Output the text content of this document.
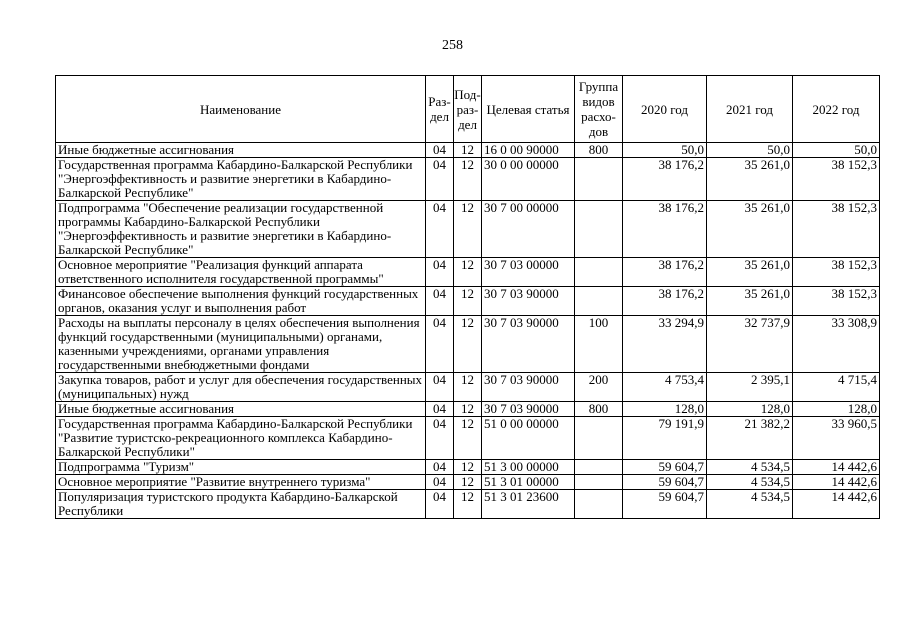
258
Наименование	Раз-дел	Под-раз-дел	Целевая статья	Группа видов расхо-дов	2020 год	2021 год	2022 год
Иные бюджетные ассигнования	04	12	16 0 00 90000	800	50,0	50,0	50,0
Государственная программа Кабардино-Балкарской Республики "Энергоэффективность и развитие энергетики в Кабардино-Балкарской Республике"	04	12	30 0 00 00000		38 176,2	35 261,0	38 152,3
Подпрограмма "Обеспечение реализации государственной программы Кабардино-Балкарской Республики "Энергоэффективность и развитие энергетики в Кабардино-Балкарской Республике"	04	12	30 7 00 00000		38 176,2	35 261,0	38 152,3
Основное мероприятие "Реализация функций аппарата ответственного исполнителя государственной программы"	04	12	30 7 03 00000		38 176,2	35 261,0	38 152,3
Финансовое обеспечение выполнения функций государственных органов, оказания услуг и выполнения работ	04	12	30 7 03 90000		38 176,2	35 261,0	38 152,3
Расходы на выплаты персоналу в целях обеспечения выполнения функций государственными (муниципальными) органами, казенными учреждениями, органами управления государственными внебюджетными фондами	04	12	30 7 03 90000	100	33 294,9	32 737,9	33 308,9
Закупка товаров, работ и услуг для обеспечения государственных (муниципальных) нужд	04	12	30 7 03 90000	200	4 753,4	2 395,1	4 715,4
Иные бюджетные ассигнования	04	12	30 7 03 90000	800	128,0	128,0	128,0
Государственная программа Кабардино-Балкарской Республики "Развитие туристско-рекреационного комплекса Кабардино-Балкарской Республики"	04	12	51 0 00 00000		79 191,9	21 382,2	33 960,5
Подпрограмма "Туризм"	04	12	51 3 00 00000		59 604,7	4 534,5	14 442,6
Основное мероприятие "Развитие внутреннего туризма"	04	12	51 3 01 00000		59 604,7	4 534,5	14 442,6
Популяризация туристского продукта Кабардино-Балкарской Республики	04	12	51 3 01 23600		59 604,7	4 534,5	14 442,6
